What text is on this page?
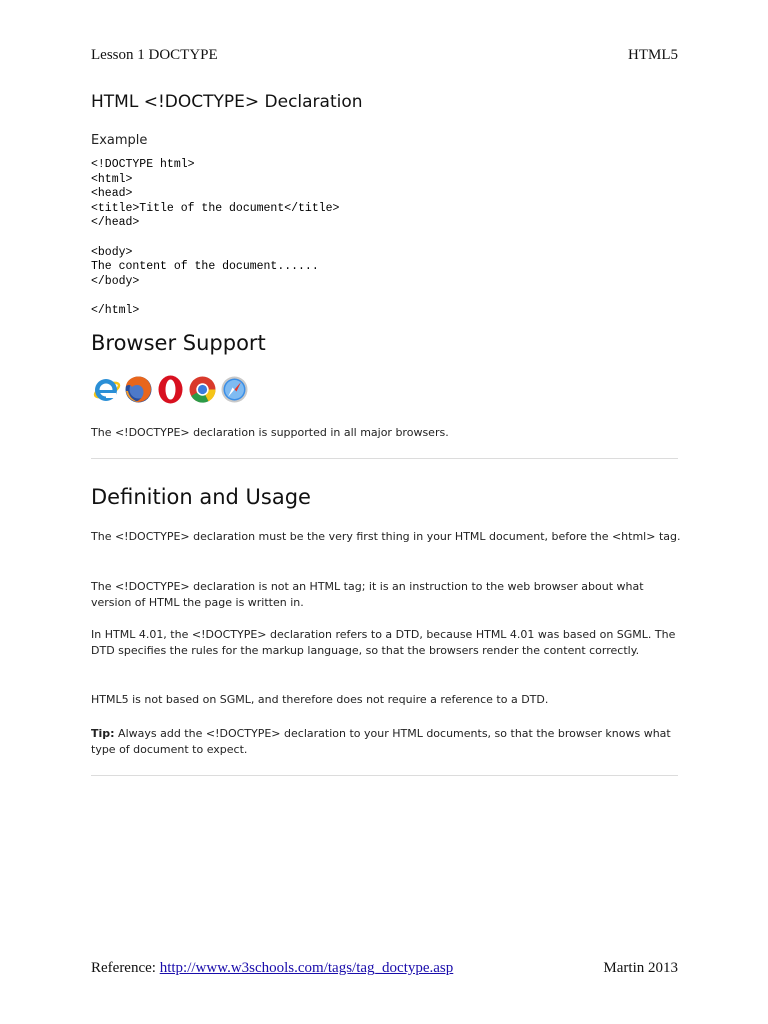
Lesson 1 DOCTYPE	HTML5
HTML <!DOCTYPE> Declaration
Example
<!DOCTYPE html>
<html>
<head>
<title>Title of the document</title>
</head>

<body>
The content of the document......
</body>

</html>
Browser Support

The <!DOCTYPE> declaration is supported in all major browsers.

Definition and Usage

The <!DOCTYPE> declaration must be the very first thing in your HTML document, before the <html> tag.

The <!DOCTYPE> declaration is not an HTML tag; it is an instruction to the web browser about what version of HTML the page is written in.

In HTML 4.01, the <!DOCTYPE> declaration refers to a DTD, because HTML 4.01 was based on SGML. The DTD specifies the rules for the markup language, so that the browsers render the content correctly.

HTML5 is not based on SGML, and therefore does not require a reference to a DTD.

Tip: Always add the <!DOCTYPE> declaration to your HTML documents, so that the browser knows what type of document to expect.

Reference: http://www.w3schools.com/tags/tag_doctype.asp	Martin 2013
